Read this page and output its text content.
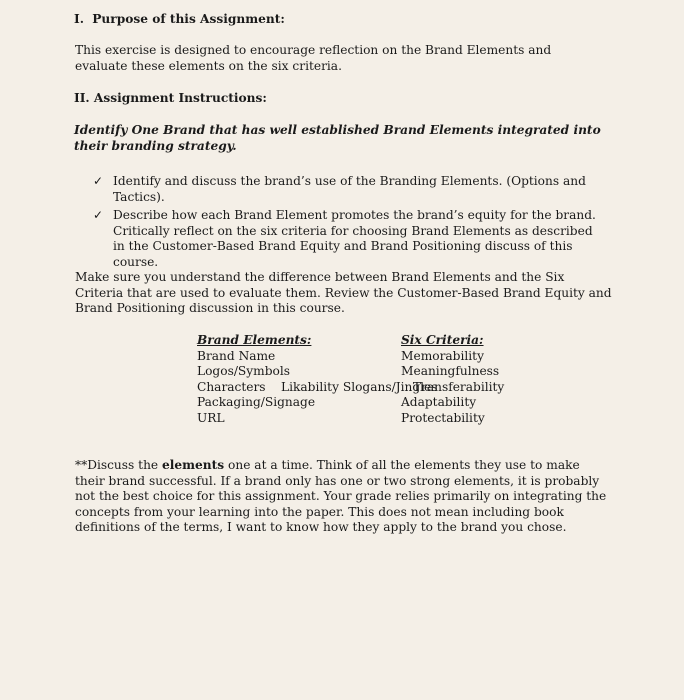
I. Purpose of this Assignment:

This exercise is designed to encourage reflection on the Brand Elements and evaluate these elements on the six criteria.

II. Assignment Instructions:

Identify One Brand that has well established Brand Elements integrated into their branding strategy.

✓ Identify and discuss the brand’s use of the Branding Elements. (Options and Tactics).
✓ Describe how each Brand Element promotes the brand’s equity for the brand. Critically reflect on the six criteria for choosing Brand Elements as described in the Customer-Based Brand Equity and Brand Positioning discuss of this course.

Make sure you understand the difference between Brand Elements and the Six Criteria that are used to evaluate them. Review the Customer-Based Brand Equity and Brand Positioning discussion in this course.

Brand Elements:
Brand Name
Logos/Symbols
Characters    Likability Slogans/Jingles
Packaging/Signage
URL
Six Criteria:
Memorability
Meaningfulness
Transferability
Adaptability
Protectability

**Discuss the elements one at a time. Think of all the elements they use to make their brand successful. If a brand only has one or two strong elements, it is probably not the best choice for this assignment. Your grade relies primarily on integrating the concepts from your learning into the paper. This does not mean including book definitions of the terms, I want to know how they apply to the brand you chose.
